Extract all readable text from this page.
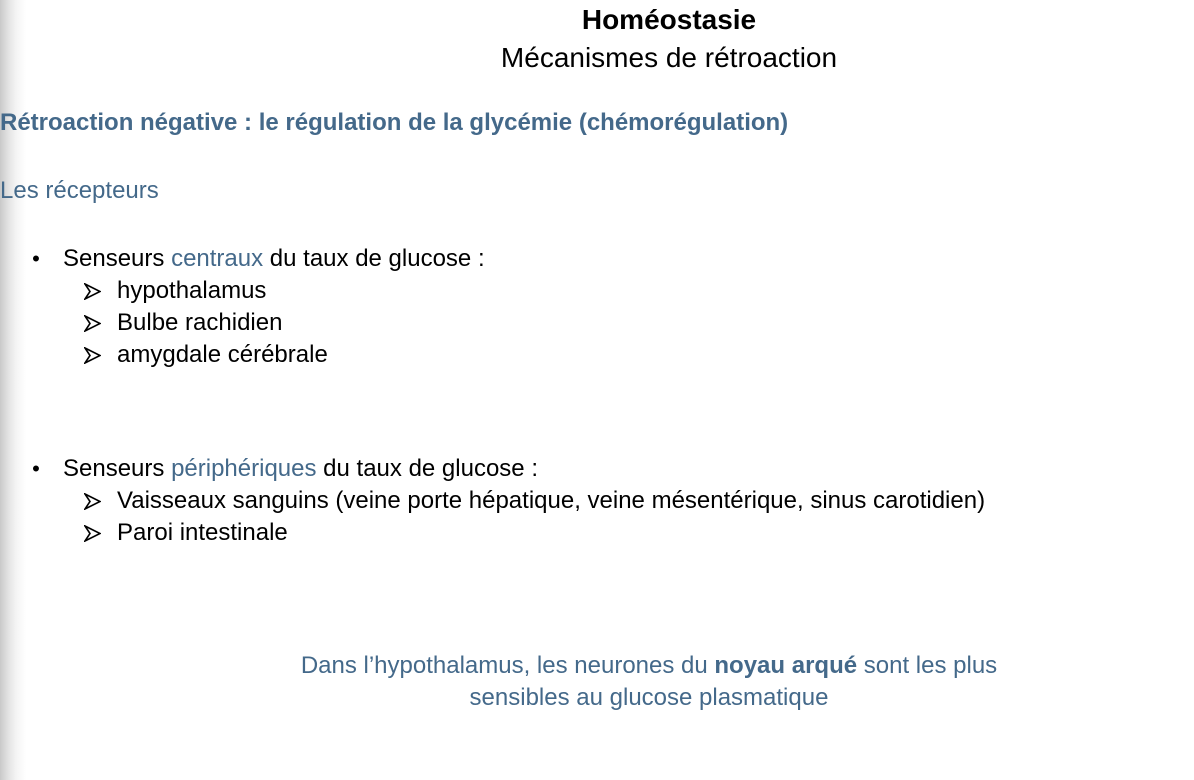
Homéostasie
Mécanismes de rétroaction
Rétroaction négative : le régulation de la glycémie (chémorégulation)
Les récepteurs
• Senseurs centraux du taux de glucose :
hypothalamus
Bulbe rachidien
amygdale cérébrale
• Senseurs périphériques du taux de glucose :
Vaisseaux sanguins (veine porte hépatique, veine mésentérique, sinus carotidien)
Paroi intestinale
Dans l’hypothalamus, les neurones du noyau arqué sont les plus
sensibles au glucose plasmatique
